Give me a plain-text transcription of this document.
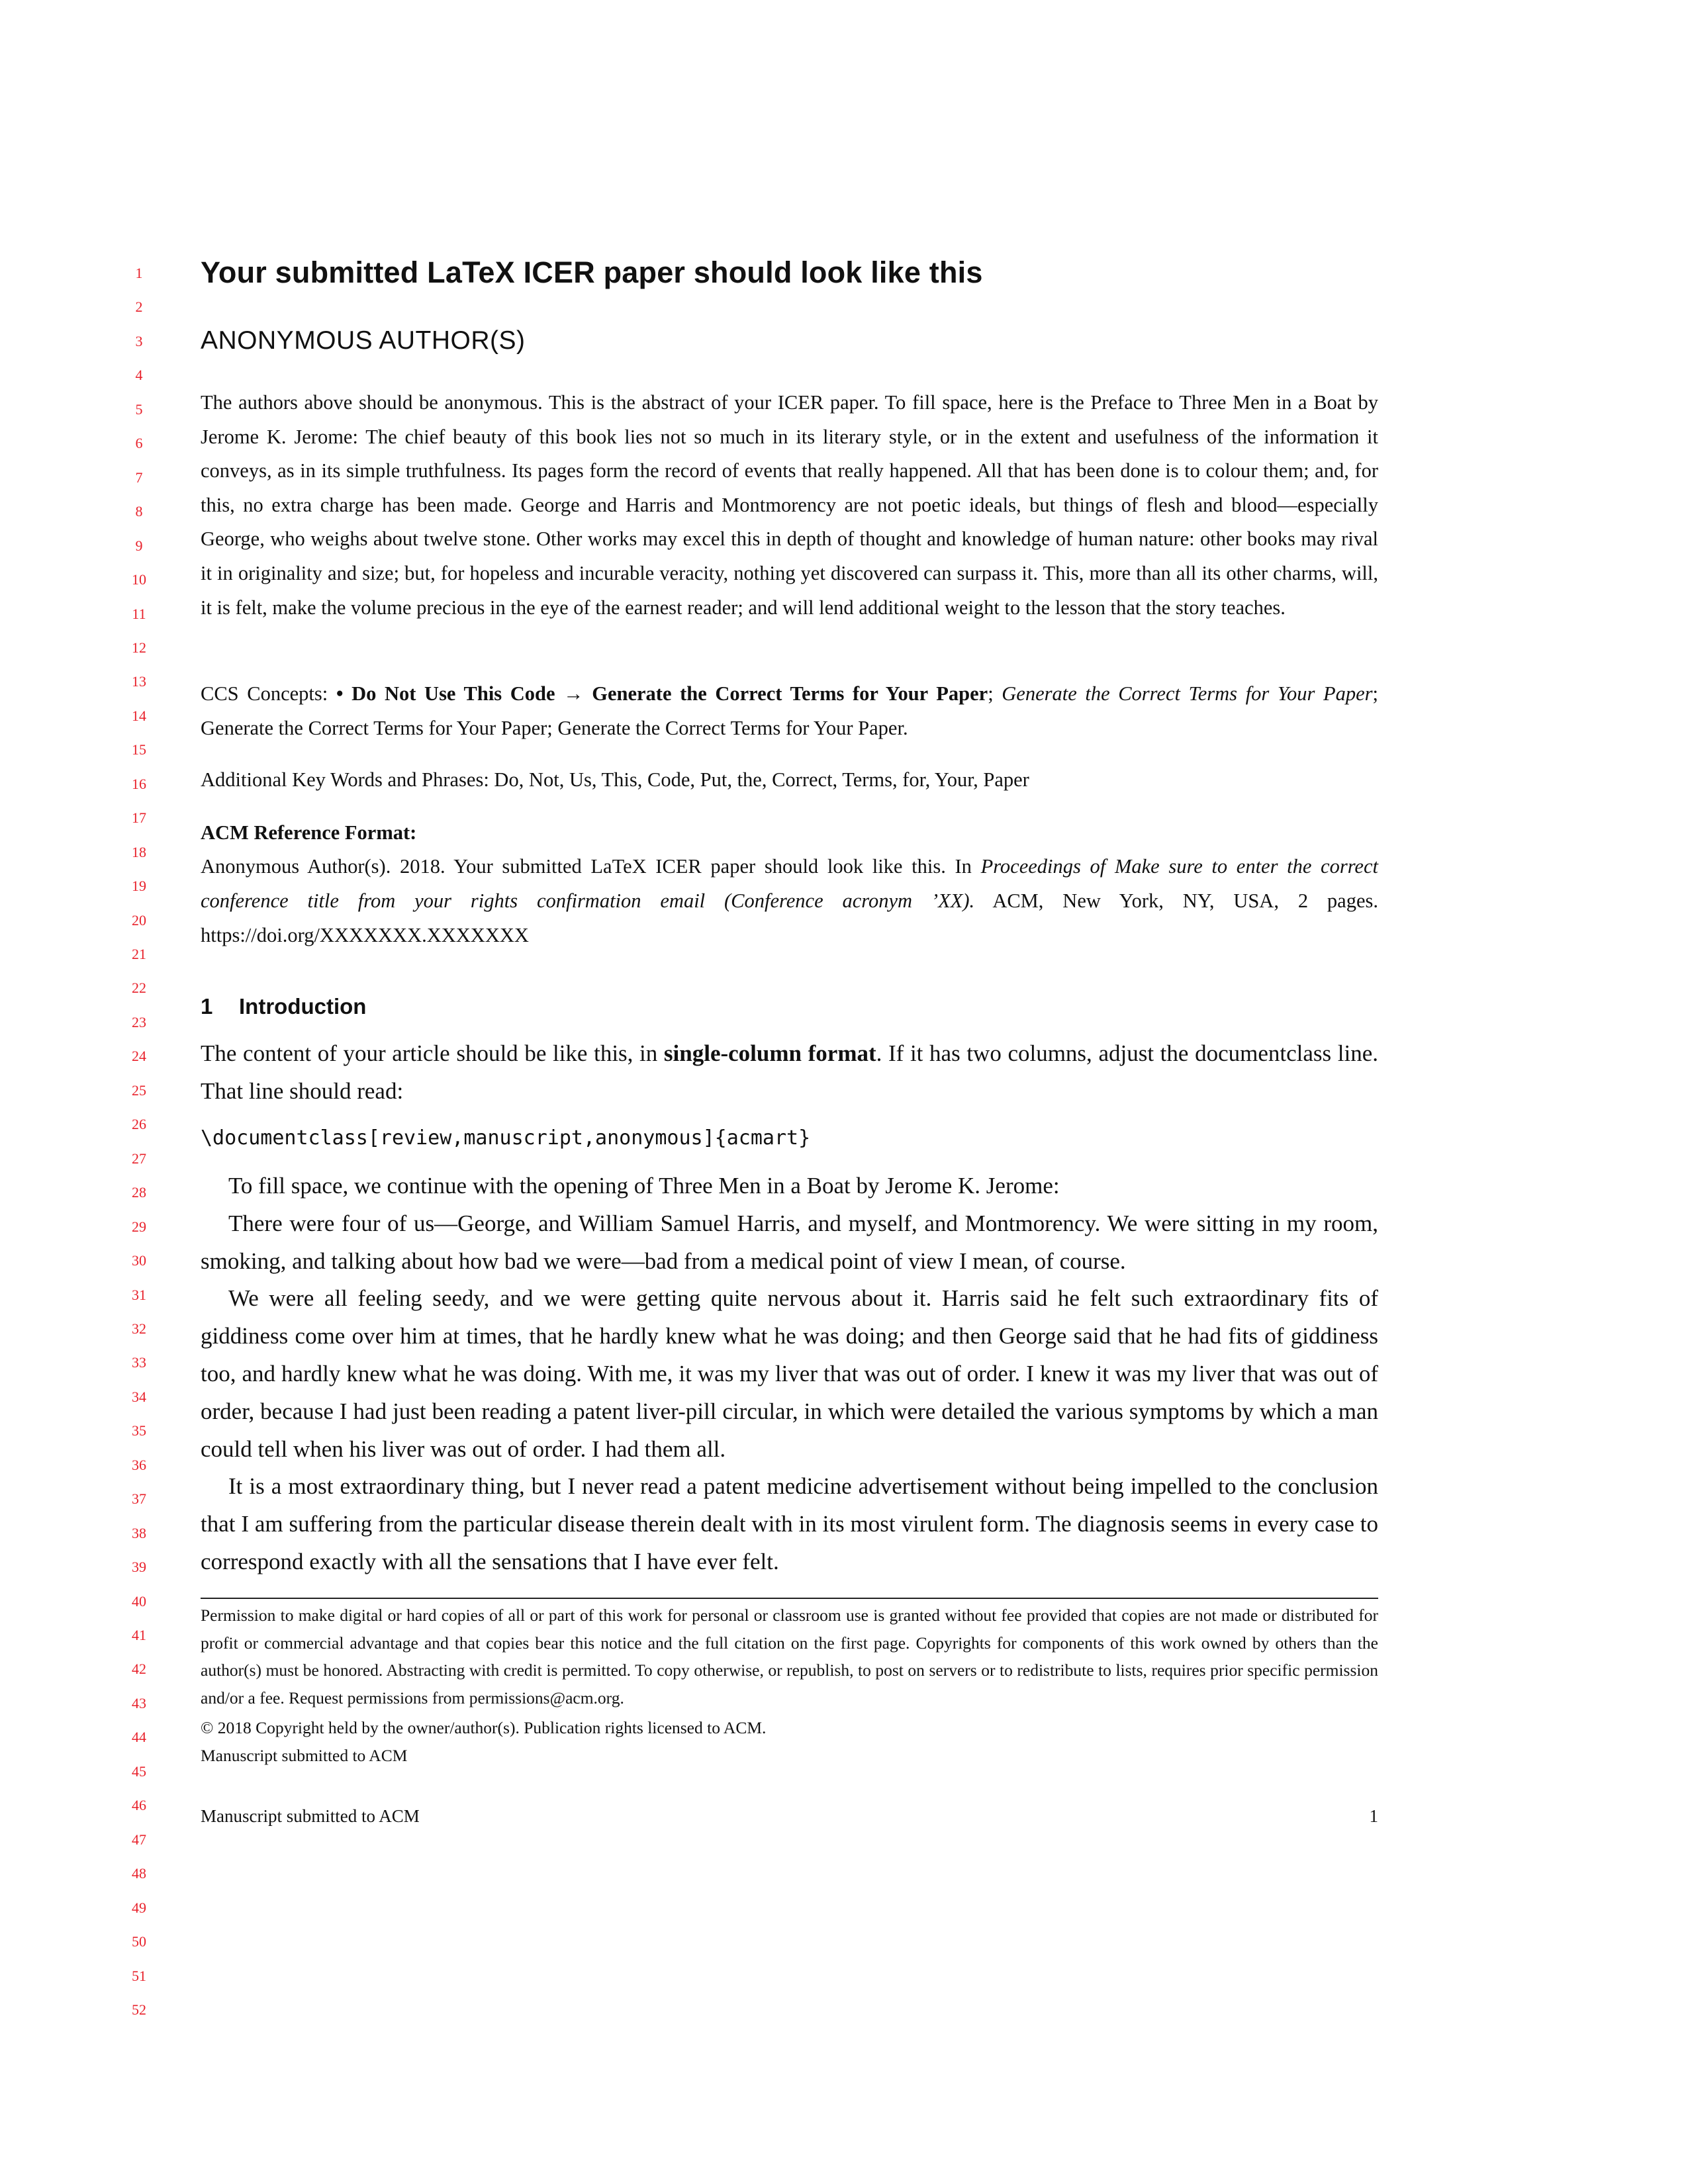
1
2
3
4
5
6
7
8
9
10
11
12
13
14
15
16
17
18
19
20
21
22
23
24
25
26
27
28
29
30
31
32
33
34
35
36
37
38
39
40
41
42
43
44
45
46
47
48
49
50
51
52
Your submitted LaTeX ICER paper should look like this
ANONYMOUS AUTHOR(S)

The authors above should be anonymous. This is the abstract of your ICER paper. To fill space, here is the Preface to Three Men in a Boat by Jerome K. Jerome: The chief beauty of this book lies not so much in its literary style, or in the extent and usefulness of the information it conveys, as in its simple truthfulness. Its pages form the record of events that really happened. All that has been done is to colour them; and, for this, no extra charge has been made. George and Harris and Montmorency are not poetic ideals, but things of flesh and blood—especially George, who weighs about twelve stone. Other works may excel this in depth of thought and knowledge of human nature: other books may rival it in originality and size; but, for hopeless and incurable veracity, nothing yet discovered can surpass it. This, more than all its other charms, will, it is felt, make the volume precious in the eye of the earnest reader; and will lend additional weight to the lesson that the story teaches.

CCS Concepts: • Do Not Use This Code → Generate the Correct Terms for Your Paper; Generate the Correct Terms for Your Paper; Generate the Correct Terms for Your Paper; Generate the Correct Terms for Your Paper.

Additional Key Words and Phrases: Do, Not, Us, This, Code, Put, the, Correct, Terms, for, Your, Paper

ACM Reference Format:

Anonymous Author(s). 2018. Your submitted LaTeX ICER paper should look like this. In Proceedings of Make sure to enter the correct conference title from your rights confirmation email (Conference acronym ’XX). ACM, New York, NY, USA, 2 pages. https://doi.org/XXXXXXX.XXXXXXX

1 Introduction

The content of your article should be like this, in single-column format. If it has two columns, adjust the documentclass line. That line should read:

\documentclass[review,manuscript,anonymous]{acmart}

To fill space, we continue with the opening of Three Men in a Boat by Jerome K. Jerome:

There were four of us—George, and William Samuel Harris, and myself, and Montmorency. We were sitting in my room, smoking, and talking about how bad we were—bad from a medical point of view I mean, of course.

We were all feeling seedy, and we were getting quite nervous about it. Harris said he felt such extraordinary fits of giddiness come over him at times, that he hardly knew what he was doing; and then George said that he had fits of giddiness too, and hardly knew what he was doing. With me, it was my liver that was out of order. I knew it was my liver that was out of order, because I had just been reading a patent liver-pill circular, in which were detailed the various symptoms by which a man could tell when his liver was out of order. I had them all.

It is a most extraordinary thing, but I never read a patent medicine advertisement without being impelled to the conclusion that I am suffering from the particular disease therein dealt with in its most virulent form. The diagnosis seems in every case to correspond exactly with all the sensations that I have ever felt.

Permission to make digital or hard copies of all or part of this work for personal or classroom use is granted without fee provided that copies are not made or distributed for profit or commercial advantage and that copies bear this notice and the full citation on the first page. Copyrights for components of this work owned by others than the author(s) must be honored. Abstracting with credit is permitted. To copy otherwise, or republish, to post on servers or to redistribute to lists, requires prior specific permission and/or a fee. Request permissions from permissions@acm.org.

© 2018 Copyright held by the owner/author(s). Publication rights licensed to ACM.

Manuscript submitted to ACM

Manuscript submitted to ACM	1
